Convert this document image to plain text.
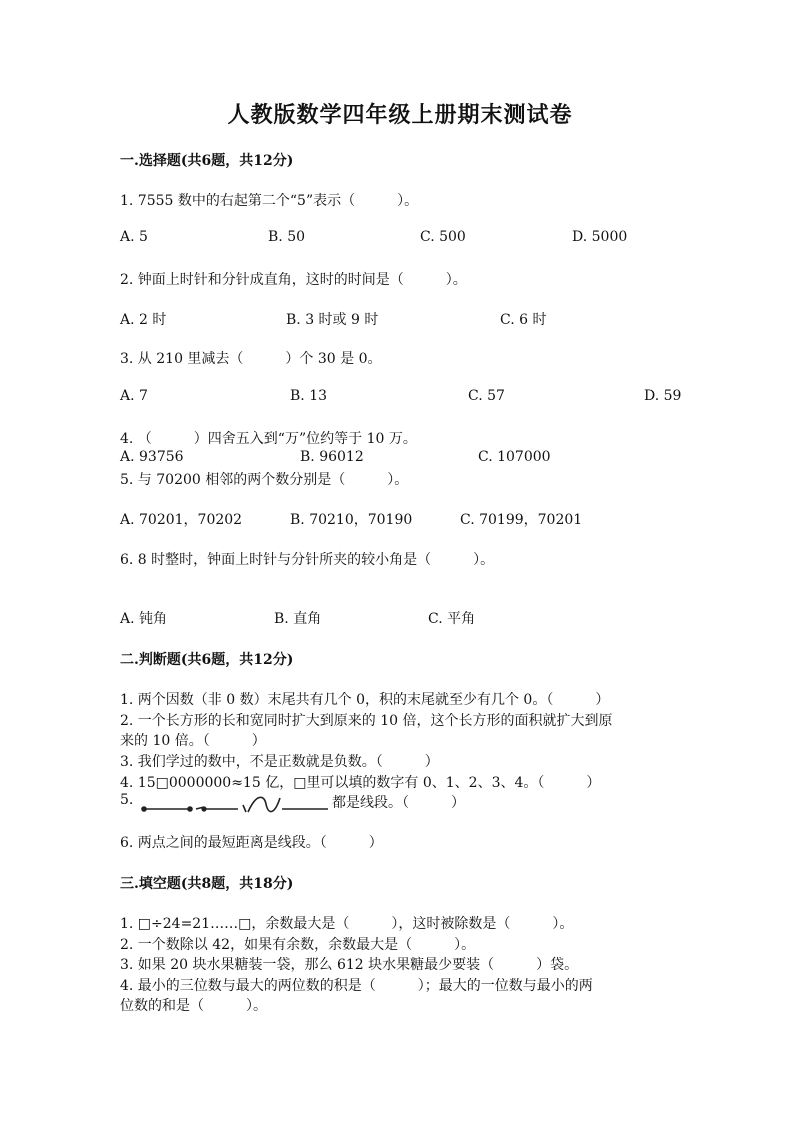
人教版数学四年级上册期末测试卷
一.选择题(共6题，共12分)
1. 7555 数中的右起第二个“5”表示（　　　）。
A. 5	B. 50	C. 500	D. 5000
2. 钟面上时针和分针成直角，这时的时间是（　　　）。
A. 2 时	B. 3 时或 9 时	C. 6 时
3. 从 210 里减去（　　　）个 30 是 0。
A. 7	B. 13	C. 57	D. 59
4. （　　　）四舍五入到“万”位约等于 10 万。
A. 93756	B. 96012	C. 107000
5. 与 70200 相邻的两个数分别是（　　　）。
A. 70201，70202	B. 70210，70190	C. 70199，70201
6. 8 时整时，钟面上时针与分针所夹的较小角是（　　　）。
A. 钝角	B. 直角	C. 平角
二.判断题(共6题，共12分)
1. 两个因数（非 0 数）末尾共有几个 0，积的末尾就至少有几个 0。（　　　）
2. 一个长方形的长和宽同时扩大到原来的 10 倍，这个长方形的面积就扩大到原
来的 10 倍。（　　　）
3. 我们学过的数中，不是正数就是负数。（　　　）
4. 15□0000000≈15 亿，□里可以填的数字有 0、1、2、3、4。（　　　）
5.	都是线段。（　　　）
6. 两点之间的最短距离是线段。（　　　）
三.填空题(共8题，共18分)
1. □÷24=21……□，余数最大是（　　　），这时被除数是（　　　）。
2. 一个数除以 42，如果有余数，余数最大是（　　　）。
3. 如果 20 块水果糖装一袋，那么 612 块水果糖最少要装（　　　）袋。
4. 最小的三位数与最大的两位数的积是（　　　）；最大的一位数与最小的两
位数的和是（　　　）。
